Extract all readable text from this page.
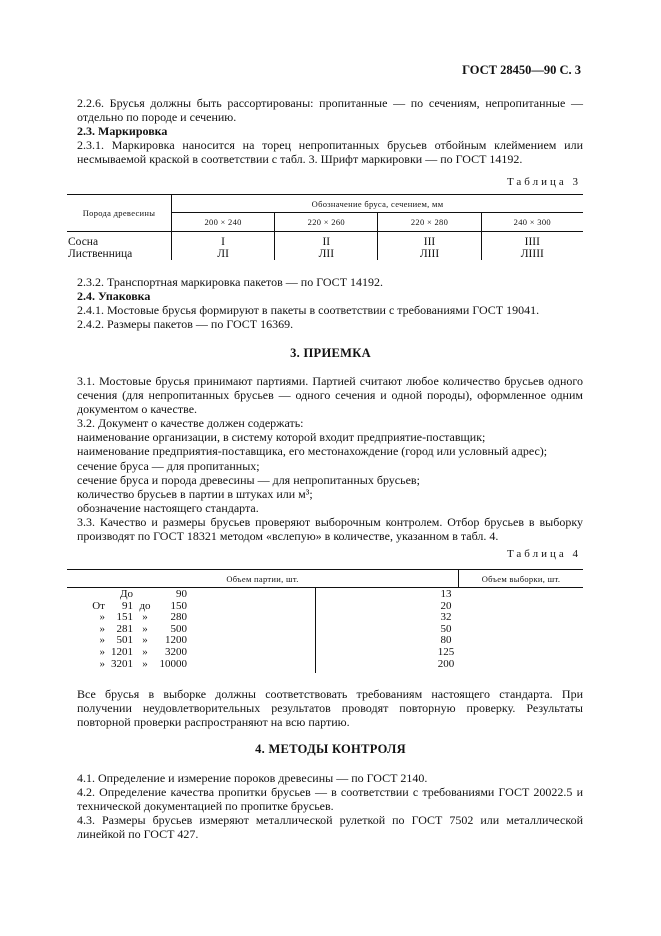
ГОСТ 28450—90 С. 3

2.2.6. Брусья должны быть рассортированы: пропитанные — по сечениям, непропитанные — отдельно по породе и сечению.

2.3. Маркировка

2.3.1. Маркировка наносится на торец непропитанных брусьев отбойным клеймением или несмываемой краской в соответствии с табл. 3. Шрифт маркировки — по ГОСТ 14192.

Таблица 3
Порода древесины	Обозначение бруса, сечением, мм			
	200 × 240	220 × 260	220 × 280	240 × 300
Сосна	I	II	III	IIII
Лиственница	ЛI	ЛII	ЛIII	ЛIIII

2.3.2. Транспортная маркировка пакетов — по ГОСТ 14192.

2.4. Упаковка

2.4.1. Мостовые брусья формируют в пакеты в соответствии с требованиями ГОСТ 19041.

2.4.2. Размеры пакетов — по ГОСТ 16369.

3. ПРИЕМКА

3.1. Мостовые брусья принимают партиями. Партией считают любое количество брусьев одного сечения (для непропитанных брусьев — одного сечения и одной породы), оформленное одним документом о качестве.

3.2. Документ о качестве должен содержать:

наименование организации, в систему которой входит предприятие-поставщик;

наименование предприятия-поставщика, его местонахождение (город или условный адрес);

сечение бруса — для пропитанных;

сечение бруса и порода древесины — для непропитанных брусьев;

количество брусьев в партии в штуках или м³;

обозначение настоящего стандарта.

3.3. Качество и размеры брусьев проверяют выборочным контролем. Отбор брусьев в выборку производят по ГОСТ 18321 методом «вслепую» в количестве, указанном в табл. 4.

Таблица 4
Объем партии, шт.	Объем выборки, шт.
До	90	13
От	91 до	150	20
»	151 »	280	32
»	281 »	500	50
»	501 »	1200	80
» 1201 »	3200	125
» 3201 »	10000	200

Все брусья в выборке должны соответствовать требованиям настоящего стандарта. При получении неудовлетворительных результатов проводят повторную проверку. Результаты повторной проверки распространяют на всю партию.

4. МЕТОДЫ КОНТРОЛЯ

4.1. Определение и измерение пороков древесины — по ГОСТ 2140.

4.2. Определение качества пропитки брусьев — в соответствии с требованиями ГОСТ 20022.5 и технической документацией по пропитке брусьев.

4.3. Размеры брусьев измеряют металлической рулеткой по ГОСТ 7502 или металлической линейкой по ГОСТ 427.
